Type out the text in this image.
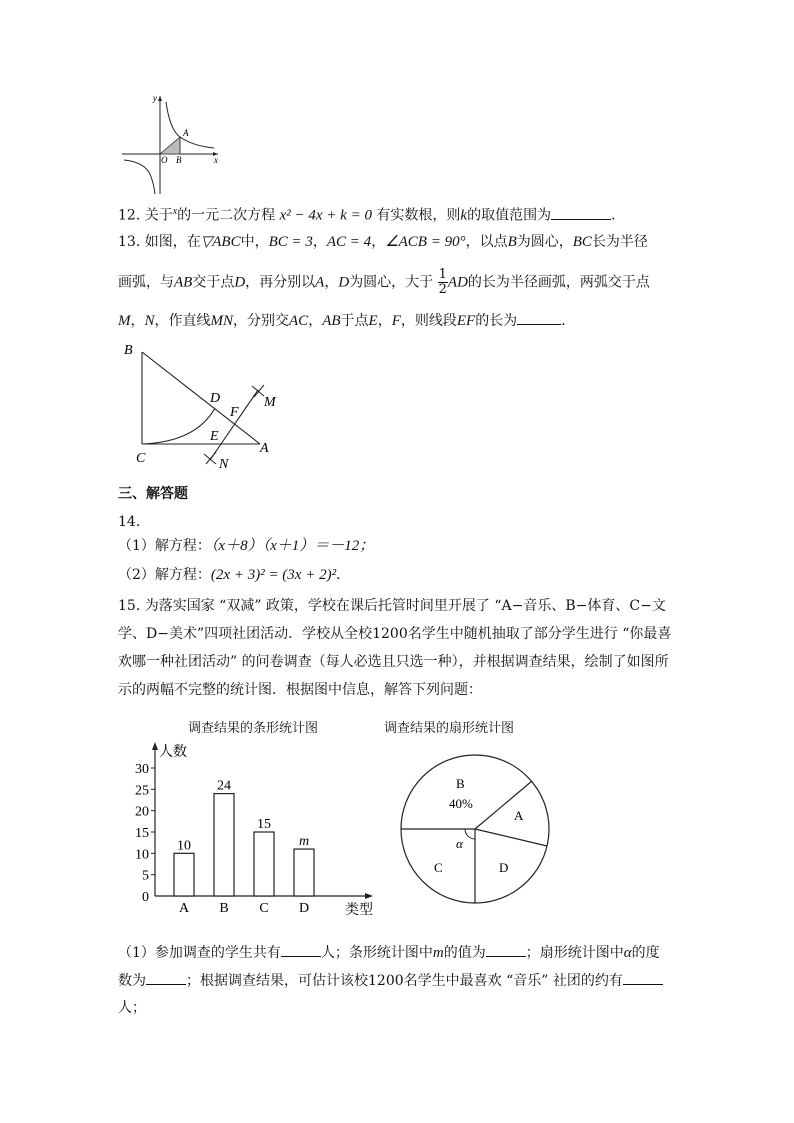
y
x
O
A
B
12. 关于$^x$的一元二次方程 x² − 4x + k = 0 有实数根，则k的取值范围为	．
13. 如图，在▽ABC中，BC = 3，AC = 4，∠ACB = 90°，以点B为圆心，BC长为半径
画弧，与AB交于点D，再分别以A，D为圆心，大于 $\frac{1}{2}$ AD的长为半径画弧，两弧交于点
M，N，作直线MN，分别交AC，AB于点E，F，则线段EF的长为	．
B
C
A
D
F
E
M
N
三、解答题
14.
（1）解方程：（x＋8）（x＋1）＝－12；
（2）解方程：(2x + 3)² = (3x + 2)²．
15. 为落实国家 “双减” 政策，学校在课后托管时间里开展了 “A−音乐、B−体育、C−文
学、D−美术”四项社团活动．学校从全校1200名学生中随机抽取了部分学生进行 “你最喜
欢哪一种社团活动” 的问卷调查（每人必选且只选一种），并根据调查结果，绘制了如图所
示的两幅不完整的统计图．根据图中信息，解答下列问题：
调查结果的条形统计图	调查结果的扇形统计图
人数
类型
0
5
10
15
20
25
30
10
A
24
B
15
C
m
D
B
40%
A
D
C
α
（1）参加调查的学生共有	人；条形统计图中m的值为	；扇形统计图中α的度
数为	；根据调查结果，可估计该校1200名学生中最喜欢 “音乐” 社团的约有
人；
